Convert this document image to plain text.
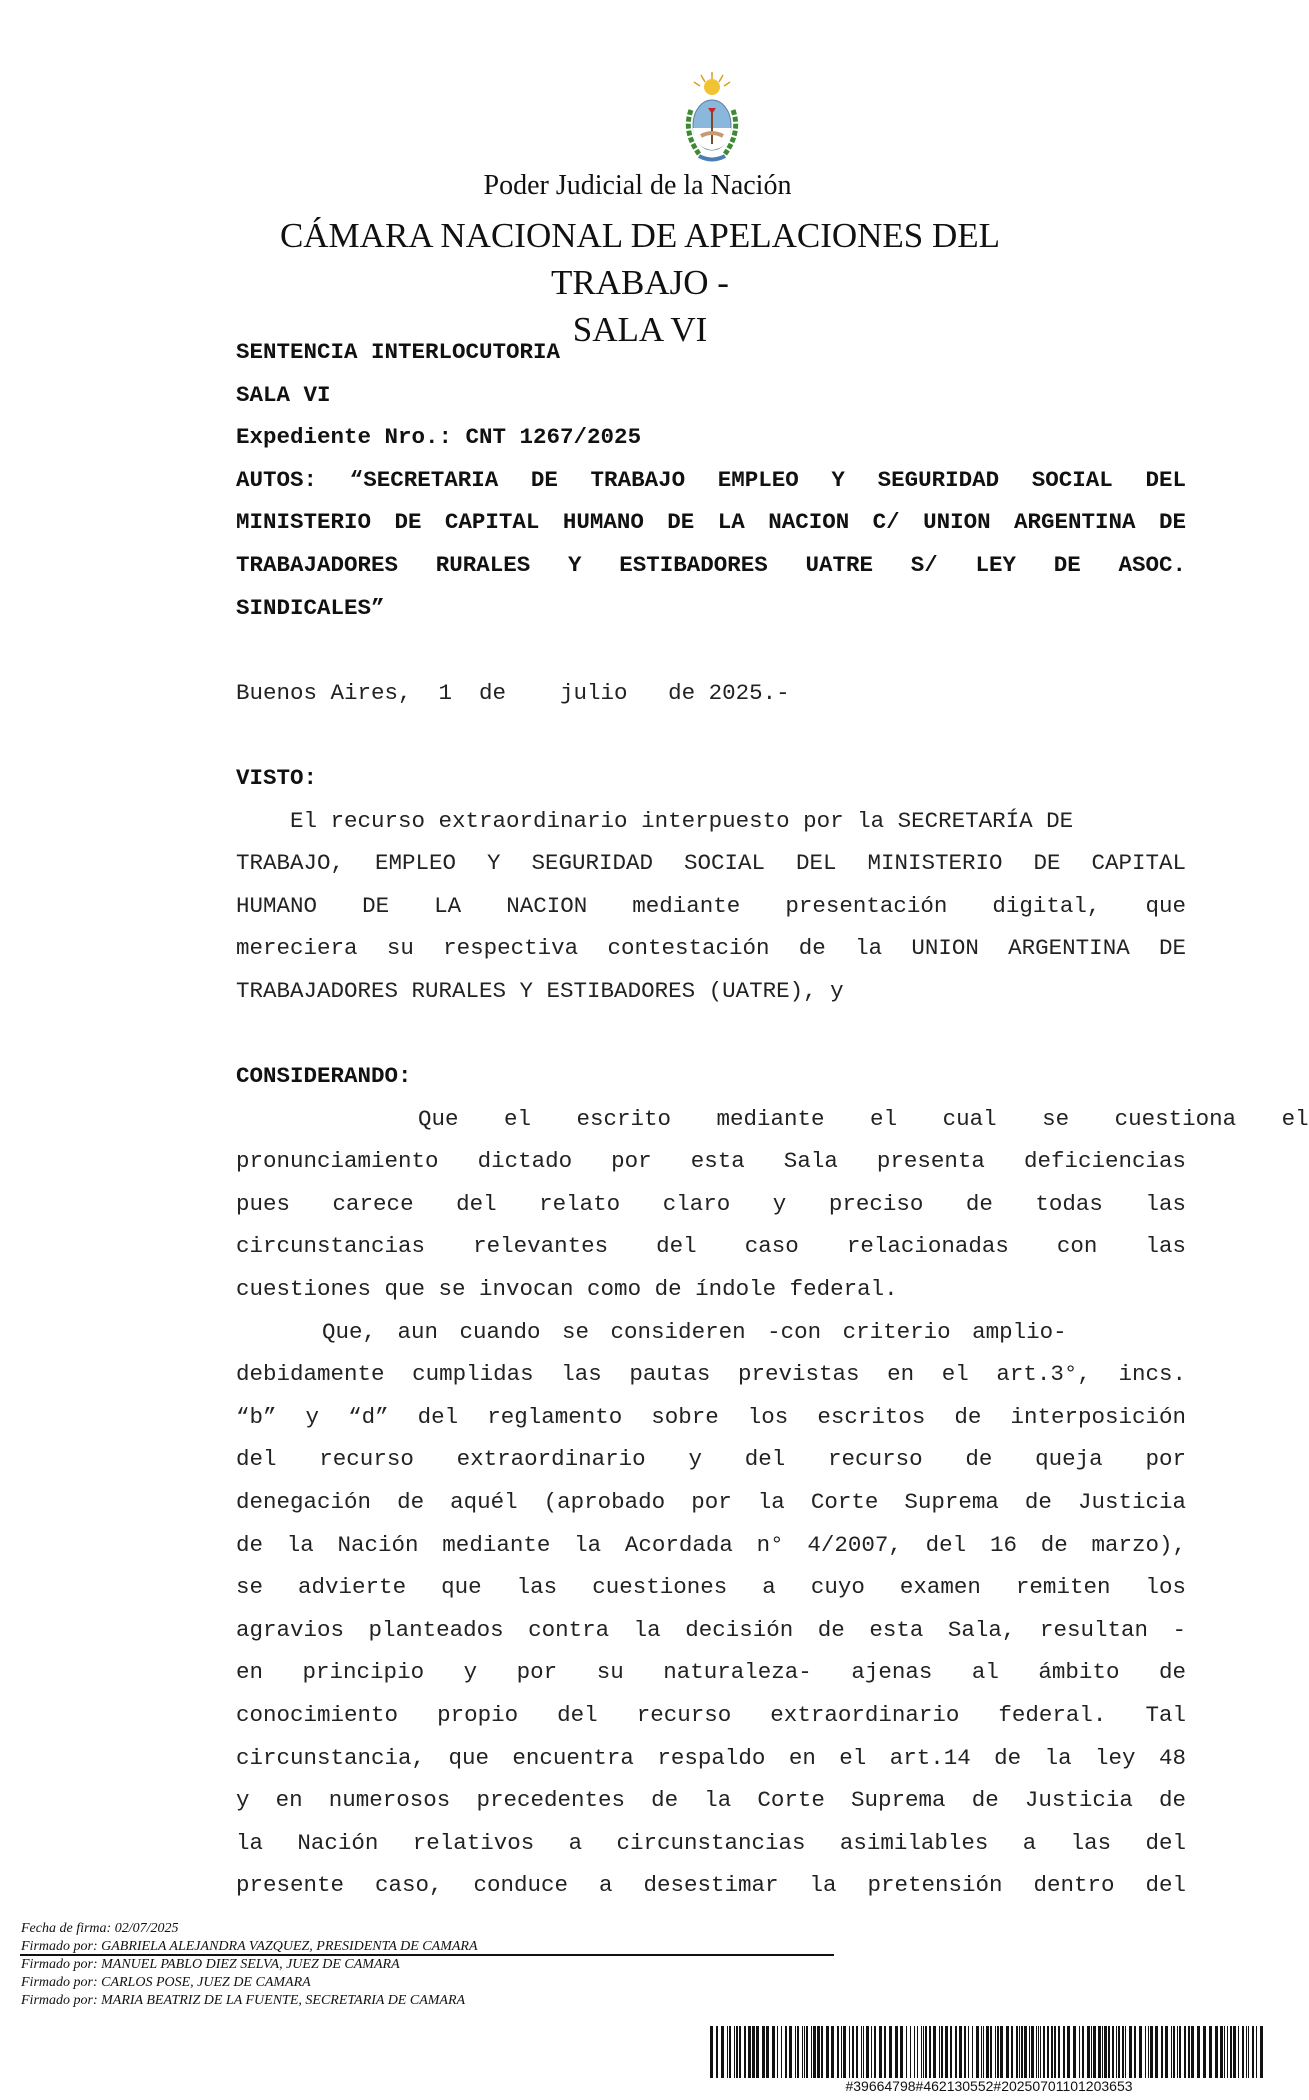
Poder Judicial de la Nación
CÁMARA NACIONAL DE APELACIONES DEL TRABAJO -
SALA VI
SENTENCIA INTERLOCUTORIA
SALA VI
Expediente Nro.: CNT 1267/2025
AUTOS: “SECRETARIA DE TRABAJO EMPLEO Y SEGURIDAD SOCIAL DEL
MINISTERIO DE CAPITAL HUMANO DE LA NACION C/ UNION ARGENTINA DE
TRABAJADORES RURALES Y ESTIBADORES UATRE S/ LEY DE ASOC.
SINDICALES”
Buenos Aires,  1  de    julio   de 2025.-
VISTO:
El recurso extraordinario interpuesto por la SECRETARÍA DE
TRABAJO, EMPLEO Y SEGURIDAD SOCIAL DEL MINISTERIO DE CAPITAL
HUMANO DE LA NACION mediante presentación digital, que
mereciera su respectiva contestación de la UNION ARGENTINA DE
TRABAJADORES RURALES Y ESTIBADORES (UATRE), y
CONSIDERANDO:
Que el escrito mediante el cual se cuestiona el
pronunciamiento dictado por esta Sala presenta deficiencias
pues carece del relato claro y preciso de todas las
circunstancias relevantes del caso relacionadas con las
cuestiones que se invocan como de índole federal.
Que, aun cuando se consideren -con criterio amplio-
debidamente cumplidas las pautas previstas en el art.3°, incs.
“b” y “d” del reglamento sobre los escritos de interposición
del recurso extraordinario y del recurso de queja por
denegación de aquél (aprobado por la Corte Suprema de Justicia
de la Nación mediante la Acordada n° 4/2007, del 16 de marzo),
se advierte que las cuestiones a cuyo examen remiten los
agravios planteados contra la decisión de esta Sala, resultan -
en principio y por su naturaleza- ajenas al ámbito de
conocimiento propio del recurso extraordinario federal. Tal
circunstancia, que encuentra respaldo en el art.14 de la ley 48
y en numerosos precedentes de la Corte Suprema de Justicia de
la Nación relativos a circunstancias asimilables a las del
presente caso, conduce a desestimar la pretensión dentro del
Fecha de firma: 02/07/2025
Firmado por: GABRIELA ALEJANDRA VAZQUEZ, PRESIDENTA DE CAMARA
Firmado por: MANUEL PABLO DIEZ SELVA, JUEZ DE CAMARA
Firmado por: CARLOS POSE, JUEZ DE CAMARA
Firmado por: MARIA BEATRIZ DE LA FUENTE, SECRETARIA DE CAMARA
#39664798#462130552#20250701101203653
